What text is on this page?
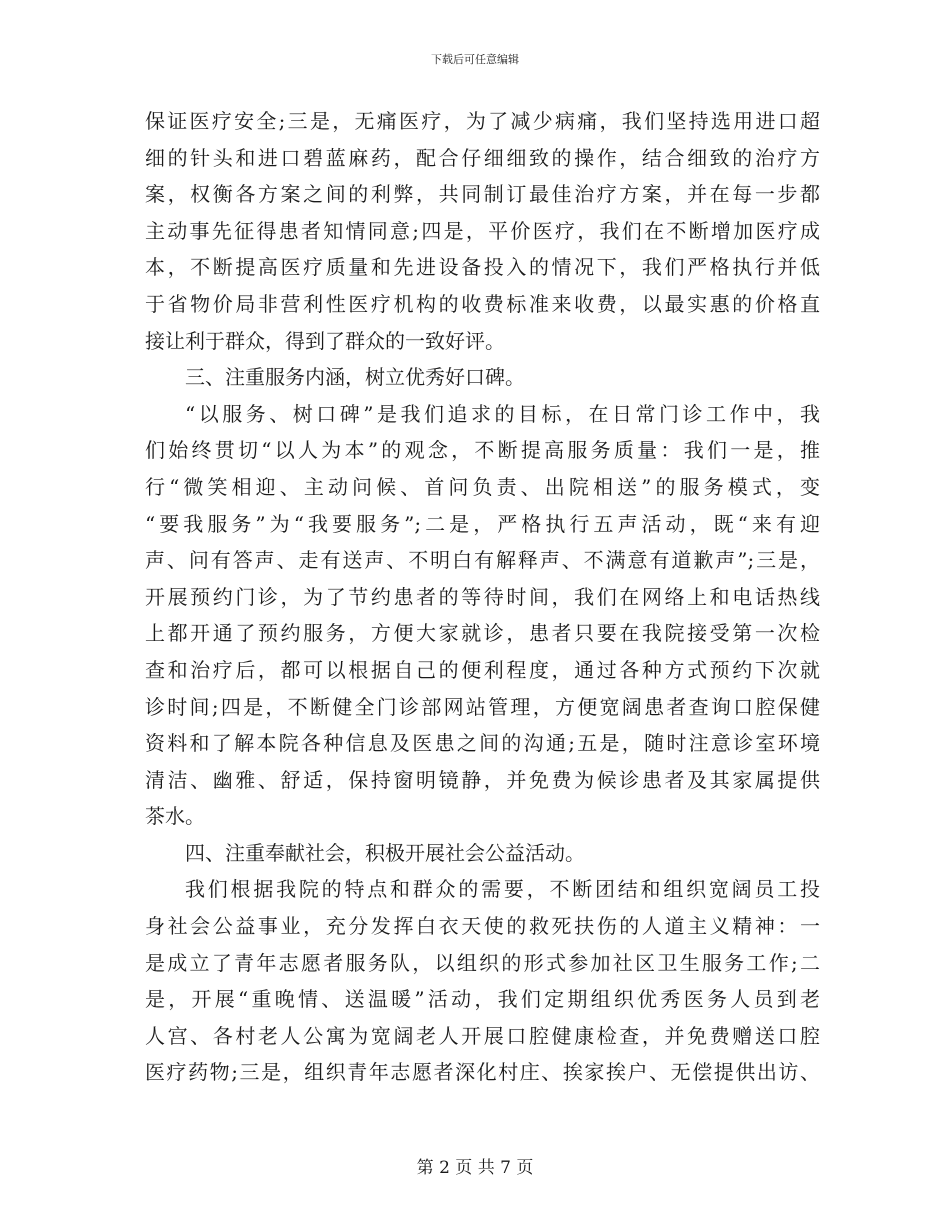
下载后可任意编辑
保证医疗安全;三是，无痛医疗，为了减少病痛，我们坚持选用进口超
细的针头和进口碧蓝麻药，配合仔细细致的操作，结合细致的治疗方
案，权衡各方案之间的利弊，共同制订最佳治疗方案，并在每一步都
主动事先征得患者知情同意;四是，平价医疗，我们在不断增加医疗成
本，不断提高医疗质量和先进设备投入的情况下，我们严格执行并低
于省物价局非营利性医疗机构的收费标准来收费，以最实惠的价格直
接让利于群众，得到了群众的一致好评。
三、注重服务内涵，树立优秀好口碑。
“以服务、树口碑”是我们追求的目标，在日常门诊工作中，我
们始终贯切“以人为本”的观念，不断提高服务质量：我们一是，推
行“微笑相迎、主动问候、首问负责、出院相送”的服务模式，变
“要我服务”为“我要服务”;二是，严格执行五声活动，既“来有迎
声、问有答声、走有送声、不明白有解释声、不满意有道歉声”;三是，
开展预约门诊，为了节约患者的等待时间，我们在网络上和电话热线
上都开通了预约服务，方便大家就诊，患者只要在我院接受第一次检
查和治疗后，都可以根据自己的便利程度，通过各种方式预约下次就
诊时间;四是，不断健全门诊部网站管理，方便宽阔患者查询口腔保健
资料和了解本院各种信息及医患之间的沟通;五是，随时注意诊室环境
清洁、幽雅、舒适，保持窗明镜静，并免费为候诊患者及其家属提供
茶水。
四、注重奉献社会，积极开展社会公益活动。
我们根据我院的特点和群众的需要，不断团结和组织宽阔员工投
身社会公益事业，充分发挥白衣天使的救死扶伤的人道主义精神：一
是成立了青年志愿者服务队，以组织的形式参加社区卫生服务工作;二
是，开展“重晚情、送温暖”活动，我们定期组织优秀医务人员到老
人宫、各村老人公寓为宽阔老人开展口腔健康检查，并免费赠送口腔
医疗药物;三是，组织青年志愿者深化村庄、挨家挨户、无偿提供出访、
第 2 页 共 7 页
